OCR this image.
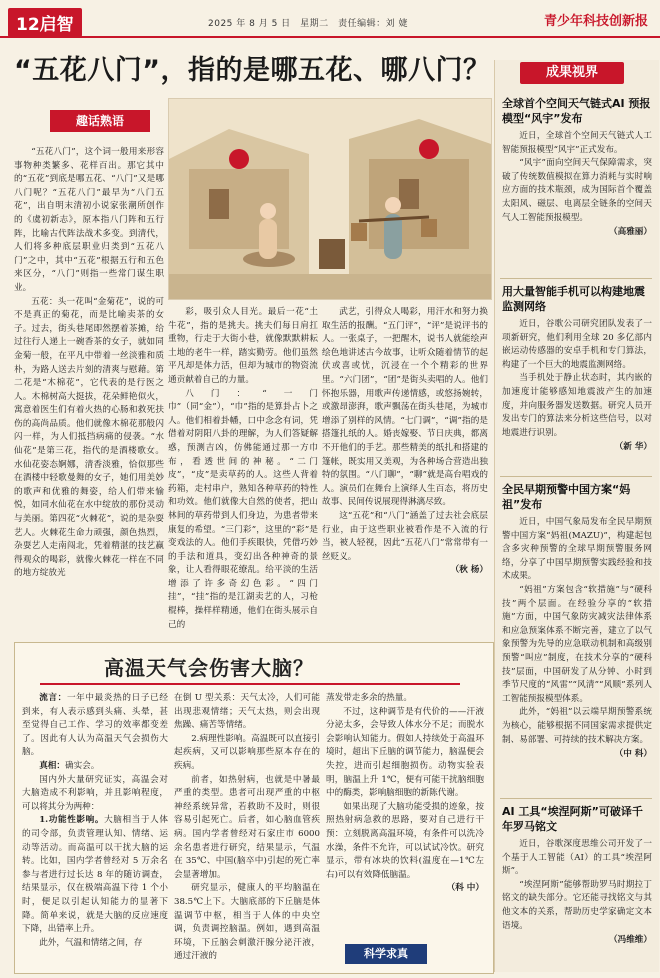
12启智	2025 年 8 月 5 日　星期二　责任编辑：刘 婕	青少年科技创新报
“五花八门”，指的是哪五花、哪八门？
趣话熟语

“五花八门”，这个词一般用来形容事物种类繁多、花样百出。那它其中的“五花”到底是哪五花、“八门”又是哪八门呢？“五花八门”最早为“八门五花”，出自明末清初小说家张潮所创作的《虞初新志》，原本指八门阵和五行阵，比喻古代阵法战术多变。到清代，人们将多种底层职业归类到“五花八门”之中，其中“五花”根据五行和五色来区分，“八门”则指一些常门谋生职业。

五花：头一花叫“金菊花”，说的可不是真正的菊花，而是比喻卖茶的女子。过去，街头巷尾即然摆着茶摊，给过往行人递上一碗香茶的女子，就如同金菊一般，在平凡中带着一丝淡雅和质朴，为路人送去片刻的清爽与慰藉。第二花是“木棉花”，它代表的是行医之人。木棉树高大挺拔，花朵鲜艳似火，寓意着医生们有着火热的心肠和救死扶伤的高尚品质。他们就像木棉花那般闪闪一样，为人们抵挡病痛的侵袭。“水仙花”是第三花，指代的是酒楼歌女。水仙花姿态婀娜，清香淡雅，恰似那些在酒楼中轻歌曼舞的女子，她们用美妙的歌声和优雅的舞姿，给人们带来愉悦，如同水仙花在水中绽放的那份灵动与美丽。第四花“火棘花”，说的是杂耍艺人。火棘花生命力顽强，颜色热烈，杂耍艺人走南闯北，凭着精湛的技艺赢得观众的喝彩，就像火棘花一样在不同的地方绽放光

彩，吸引众人目光。最后一花“土牛花”，指的是挑夫。挑夫们每日肩扛重物，行走于大街小巷，就像默默耕耘土地的老牛一样，踏实勤劳。他们虽然平凡却是体力活，但却为城市的物资流通贡献着自己的力量。

八门：“一门巾”（同“金”），“巾”指的是算卦占卜之人。他们相着卦幡，口中念念有词，凭借着对阴阳八卦的理解，为人们答疑解惑，预测吉凶，仿佛能通过那一方巾布，看透世间的神秘。“二门皮”，“皮”是卖草药的人。这些人背着药箱，走村串户，熟知各种草药的特性和功效。他们就像大自然的使者，把山林间的草药带到人们身边，为患者带来康复的希望。“三门彩”，这里的“彩”是变戏法的人。他们手疾眼快，凭借巧妙的手法和道具，变幻出各种神奇的景象，让人看得眼花缭乱。给平淡的生活增添了许多奇幻色彩。“四门挂”，“挂”指的是江湖卖艺的人，习枪棍棒，操样样精通，他们在街头展示自己的

武艺，引得众人喝彩，用汗水和努力换取生活的报酬。“五门评”，“评”是说评书的人。一张桌子，一把醒木，说书人就能绘声绘色地讲述古今故事，让听众随着情节的起伏或喜或忧，沉浸在一个个精彩的世界里。“六门团”，“团”是街头卖唱的人。他们怀抱乐器，用歌声传递情感，或悠扬婉转，或激昂澎湃，歌声飘荡在街头巷尾，为城市增添了别样的风情。“七门调”，“调”指的是搭篷扎纸的人。婚丧嫁娶、节日庆典，都离不开他们的手艺。那些精美的纸扎和搭建的篷帐，既实用又美观，为各种场合营造出独特的氛围。“八门聊”，“聊”就是高台唱戏的人。演员们在舞台上演绎人生百态，将历史故事、民间传说展现得淋漓尽致。

这“五花”和“八门”涵盖了过去社会底层行业，由于这些职业被看作是不入流的行当，被人轻视，因此“五花八门”常常带有一丝贬义。

（秋 杨）
成果视界
全球首个空间天气链式AI 预报模型“风宇”发布

近日，全球首个空间天气链式人工智能预报模型“风宇”正式发布。

“风宇”面向空间天气保障需求，突破了传统数值模拟在算力消耗与实时响应方面的技术瓶颈，成为国际首个覆盖太阳风、磁层、电离层全链条的空间天气人工智能预报模型。

（高雅丽）
用大量智能手机可以构建地震监测网络

近日，谷歌公司研究团队发表了一项新研究，他们利用全球 20 多亿部内嵌运动传感器的安卓手机和专门算法，构建了一个巨大的地震监测网络。

当手机处于静止状态时，其内嵌的加速度计能够感知地震波产生的加速度，并向服务器发送数据。研究人员开发出专门的算法来分析这些信号，以对地震进行识别。

（新 华）
全民早期预警中国方案“妈祖”发布

近日，中国气象局发布全民早期预警中国方案“妈祖(MAZU)”，构建起包含多灾种预警的全球早期预警服务网络，分享了中国早期预警实践经验和技术成果。

“妈祖”方案包含“软措施”与“硬科技”两个层面。在经验分享的“软措施”方面，中国气象防灾减灾法律体系和应急预案体系不断完善，建立了以气象预警为先导的应急联动机制和高级别预警“叫应”制度，在技术分享的“硬科技”层面，中国研发了从分钟、小时到季节尺度的“风雷”“风清”“风顺”系列人工智能预报模型体系。

此外，“妈祖”以云端早期预警系统为核心，能够根据不同国家需求提供定制、易部署、可持续的技术解决方案。

（中 科）
AI 工具“埃涅阿斯”可破译千年罗马铭文

近日，谷歌深度思维公司开发了一个基于人工智能（AI）的工具“埃涅阿斯”。

“埃涅阿斯”能够帮助罗马时期拉丁铭文的缺失部分。它还能寻找铭文与其他文本的关系，帮助历史学家确定文本语境。

（冯维维）
高温天气会伤害大脑？

流言：一年中最炎热的日子已经到来，有人表示感到头痛、头晕，甚至觉得自己工作、学习的效率都变差了。因此有人认为高温天气会损伤大脑。

真相：确实会。

国内外大量研究证实，高温会对大脑造成不利影响，并且影响程度，可以将其分为两种：

1.功能性影响。大脑相当于人体的司令部，负责管理认知、情绪、运动等活动。而高温可以干扰大脑的运转。比如，国内学者曾经对 5 万余名参与者进行过长达 8 年的随访调查，结果显示，仅在极端高温下待 1 个小时，便足以引起认知能力的显著下降。简单来说，就是大脑的反应速度下降，出错率上升。

此外，气温和情绪之间，存

在倒 U 型关系：天气太冷，人们可能出现悲观情绪；天气太热，则会出现焦躁、痛苦等情绪。

2.病理性影响。高温既可以直接引起疾病，又可以影响那些原本存在的疾病。

前者，如热射病，也就是中暑最严重的类型。患者可出现严重的中枢神经系统异常，若救助不及时，则很容易引起死亡。后者，如心脑血管疾病。国内学者曾经对石家庄市 6000 余名患者进行研究，结果显示，气温在 35℃、中国(脑卒中)引起的死亡率会显著增加。

研究显示，健康人的平均脑温在 38.5℃上下。大脑底部的下丘脑是体温调节中枢，相当于人体的中央空调，负责调控脑温。例如，遇到高温环境，下丘脑会刺激汗腺分泌汗液，通过汗液的

蒸发带走多余的热量。

不过，这种调节是有代价的——汗液分泌太多，会导致人体水分不足；而脱水会影响认知能力。假如人持续处于高温环境时，超出下丘脑的调节能力，脑温便会失控，进而引起细胞损伤。动物实验表明，脑温上升 1℃，便有可能干扰脑细胞中的酶类，影响脑细胞的新陈代谢。

如果出现了大脑功能受损的迹象，按照热射病急救的思路，要对自己进行干预：立刻脱离高温环境，有条件可以洗冷水澡，条件不允许，可以试试冷饮。研究显示，带有冰块的饮料(温度在—1℃左右)可以有效降低脑温。

（科 中）
科学求真
